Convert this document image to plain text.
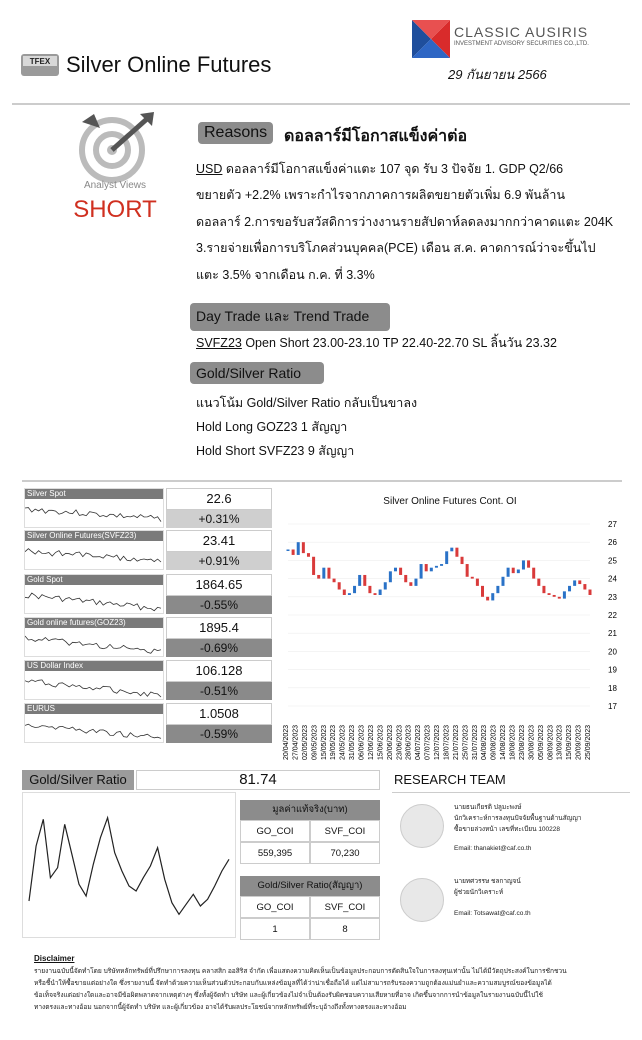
TFEX Silver Online Futures
CLASSIC AUSIRIS
INVESTMENT ADVISORY SECURITIES CO.,LTD.
29 กันยายน 2566
Analyst Views
SHORT
Reasons	ดอลลาร์มีโอกาสแข็งค่าต่อ
USD ดอลลาร์มีโอกาสแข็งค่าแตะ 107 จุด รับ 3 ปัจจัย 1. GDP Q2/66
ขยายตัว +2.2% เพราะกำไรจากภาคการผลิตขยายตัวเพิ่ม 6.9 พันล้าน
ดอลลาร์ 2.การขอรับสวัสดิการว่างงานรายสัปดาห์ลดลงมากกว่าคาดแตะ 204K
3.รายจ่ายเพื่อการบริโภคส่วนบุคคล(PCE) เดือน ส.ค. คาดการณ์ว่าจะขึ้นไป
แตะ 3.5% จากเดือน ก.ค. ที่ 3.3%
Day Trade และ Trend Trade
SVFZ23 Open Short 23.00-23.10 TP 22.40-22.70 SL ลิ้นวัน 23.32
Gold/Silver Ratio
แนวโน้ม Gold/Silver Ratio กลับเป็นขาลง
Hold Long GOZ23 1 สัญญา
Hold Short SVFZ23 9 สัญญา
Silver Spot	22.6
+0.31%
Silver Online Futures(SVFZ23)	23.41
+0.91%
Gold Spot	1864.65
-0.55%
Gold online futures(GOZ23)	1895.4
-0.69%
US Dollar Index	106.128
-0.51%
EURUS	1.0508
-0.59%
Silver Online Futures Cont. OI
27
26
25
24
23
22
21
20
19
18
17
20/04/2023 27/04/2023 02/05/2023 09/05/2023 15/05/2023 19/05/2023 24/05/2023 31/05/2023 06/06/2023 12/06/2023 15/06/2023 20/06/2023 23/06/2023 28/06/2023 04/07/2023 07/07/2023 12/07/2023 18/07/2023 21/07/2023 25/07/2023 31/07/2023 04/08/2023 09/08/2023 14/08/2023 18/08/2023 23/08/2023 30/08/2023 05/09/2023 08/09/2023 13/09/2023 15/09/2023 20/09/2023 25/09/2023
Gold/Silver Ratio	81.74
มูลค่าแท้จริง(บาท)
GO_COI	SVF_COI
559,395	70,230
Gold/Silver Ratio(สัญญา)
GO_COI	SVF_COI
1	8
RESEARCH TEAM
นายธนเกียรติ ปลูมะพงษ์
นักวิเคราะห์การลงทุนปัจจัยพื้นฐานด้านสัญญา
ซื้อขายล่วงหน้า เลขที่ทะเบียน 100228
Email: thanakiet@caf.co.th
นายทศวรรษ ชลกาญจน์
ผู้ช่วยนักวิเคราะห์
Email: Totsawat@caf.co.th
Disclaimer
รายงานฉบับนี้จัดทำโดย บริษัทหลักทรัพย์ที่ปรึกษาการลงทุน คลาสสิก ออสิริส จำกัด เพื่อแสดงความคิดเห็นเป็นข้อมูลประกอบการตัดสินใจในการลงทุนเท่านั้น ไม่ได้มีวัตถุประสงค์ในการชักชวน
หรือชี้นำให้ซื้อขายแต่อย่างใด ซึ่งรายงานนี้ จัดทำด้วยความเห็นส่วนตัวประกอบกับแหล่งข้อมูลที่ได้ว่าน่าเชื่อถือได้ แต่ไม่สามารถรับรองความถูกต้องแม่นยำและความสมบูรณ์ของข้อมูลได้
ข้อเท็จจริงแต่อย่างใดและอาจมีข้อผิดพลาดจากเหตุต่างๆ ซึ่งทั้งผู้จัดทำ บริษัท และผู้เกี่ยวข้องไม่จำเป็นต้องรับผิดชอบความเสียหายที่อาจ เกิดขึ้นจากการนำข้อมูลในรายงานฉบับนี้ไปใช้
ทางตรงและทางอ้อม นอกจากนี้ผู้จัดทำ บริษัท และผู้เกี่ยวข้อง อาจได้รับผลประโยชน์จากหลักทรัพย์ที่ระบุอ้างถึงทั้งทางตรงและทางอ้อม
